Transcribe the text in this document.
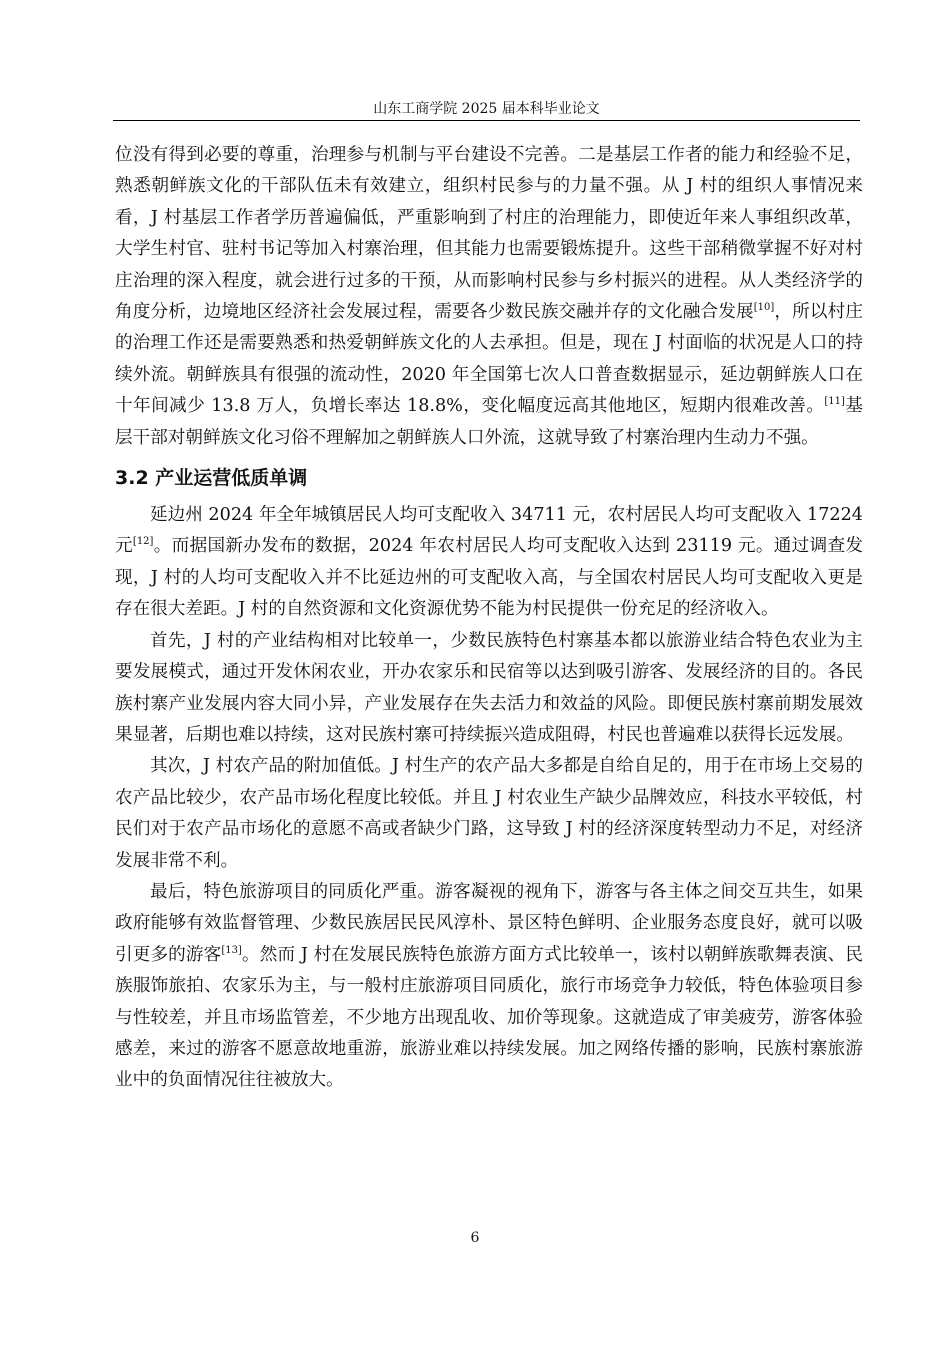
山东工商学院 2025 届本科毕业论文

位没有得到必要的尊重，治理参与机制与平台建设不完善。二是基层工作者的能力和经验不足，熟悉朝鲜族文化的干部队伍未有效建立，组织村民参与的力量不强。从 J 村的组织人事情况来看，J 村基层工作者学历普遍偏低，严重影响到了村庄的治理能力，即使近年来人事组织改革，大学生村官、驻村书记等加入村寨治理，但其能力也需要锻炼提升。这些干部稍微掌握不好对村庄治理的深入程度，就会进行过多的干预，从而影响村民参与乡村振兴的进程。从人类经济学的角度分析，边境地区经济社会发展过程，需要各少数民族交融并存的文化融合发展[10]，所以村庄的治理工作还是需要熟悉和热爱朝鲜族文化的人去承担。但是，现在 J 村面临的状况是人口的持续外流。朝鲜族具有很强的流动性，2020 年全国第七次人口普查数据显示，延边朝鲜族人口在十年间减少 13.8 万人，负增长率达 18.8%，变化幅度远高其他地区，短期内很难改善。[11]基层干部对朝鲜族文化习俗不理解加之朝鲜族人口外流，这就导致了村寨治理内生动力不强。

3.2 产业运营低质单调

延边州 2024 年全年城镇居民人均可支配收入 34711 元，农村居民人均可支配收入 17224 元[12]。而据国新办发布的数据，2024 年农村居民人均可支配收入达到 23119 元。通过调查发现，J 村的人均可支配收入并不比延边州的可支配收入高，与全国农村居民人均可支配收入更是存在很大差距。J 村的自然资源和文化资源优势不能为村民提供一份充足的经济收入。

首先，J 村的产业结构相对比较单一，少数民族特色村寨基本都以旅游业结合特色农业为主要发展模式，通过开发休闲农业，开办农家乐和民宿等以达到吸引游客、发展经济的目的。各民族村寨产业发展内容大同小异，产业发展存在失去活力和效益的风险。即便民族村寨前期发展效果显著，后期也难以持续，这对民族村寨可持续振兴造成阻碍，村民也普遍难以获得长远发展。

其次，J 村农产品的附加值低。J 村生产的农产品大多都是自给自足的，用于在市场上交易的农产品比较少，农产品市场化程度比较低。并且 J 村农业生产缺少品牌效应，科技水平较低，村民们对于农产品市场化的意愿不高或者缺少门路，这导致 J 村的经济深度转型动力不足，对经济发展非常不利。

最后，特色旅游项目的同质化严重。游客凝视的视角下，游客与各主体之间交互共生，如果政府能够有效监督管理、少数民族居民民风淳朴、景区特色鲜明、企业服务态度良好，就可以吸引更多的游客[13]。然而 J 村在发展民族特色旅游方面方式比较单一，该村以朝鲜族歌舞表演、民族服饰旅拍、农家乐为主，与一般村庄旅游项目同质化，旅行市场竞争力较低，特色体验项目参与性较差，并且市场监管差，不少地方出现乱收、加价等现象。这就造成了审美疲劳，游客体验感差，来过的游客不愿意故地重游，旅游业难以持续发展。加之网络传播的影响，民族村寨旅游业中的负面情况往往被放大。

6
